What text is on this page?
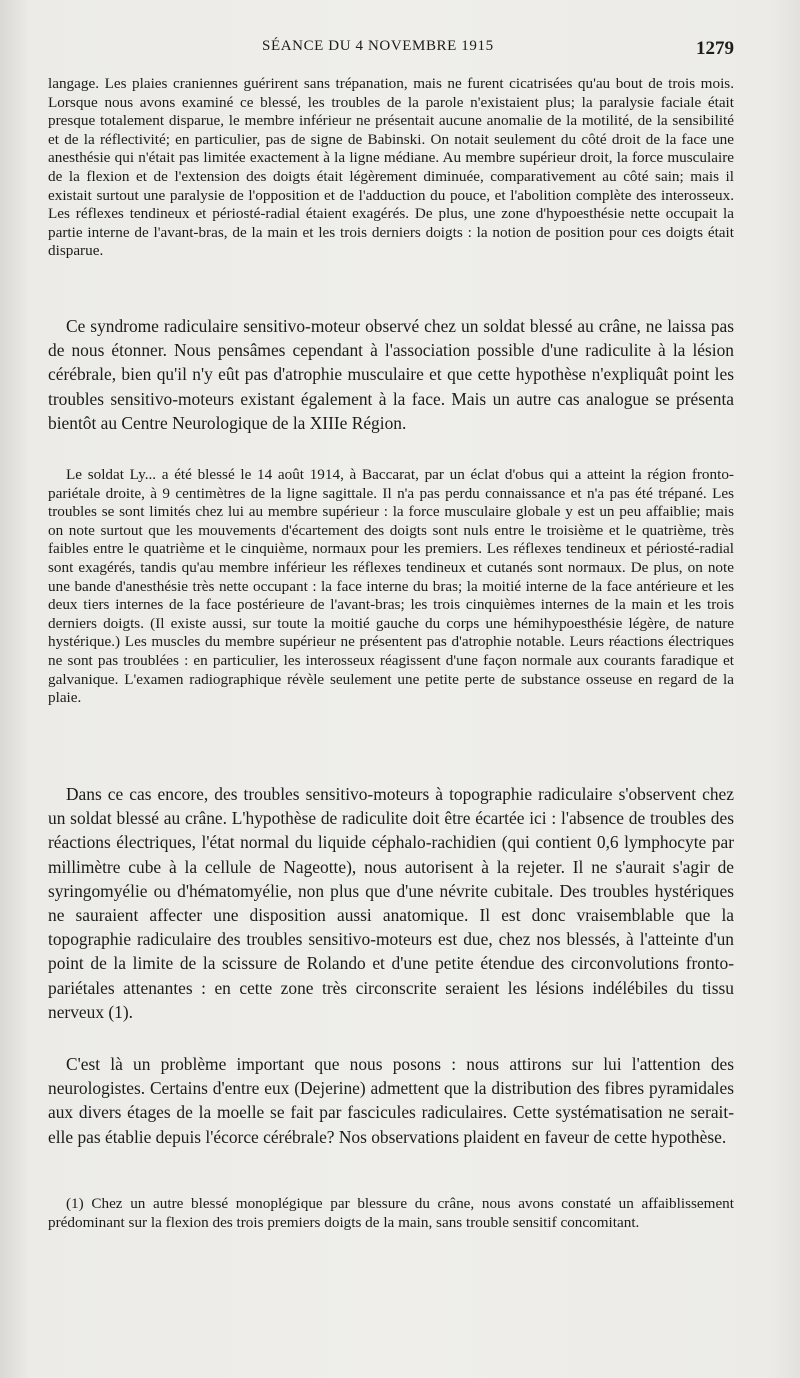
SÉANCE DU 4 NOVEMBRE 1915	1279

langage. Les plaies craniennes guérirent sans trépanation, mais ne furent cicatrisées qu'au bout de trois mois. Lorsque nous avons examiné ce blessé, les troubles de la parole n'existaient plus; la paralysie faciale était presque totalement disparue, le membre inférieur ne présentait aucune anomalie de la motilité, de la sensibilité et de la réflectivité; en particulier, pas de signe de Babinski. On notait seulement du côté droit de la face une anesthésie qui n'était pas limitée exactement à la ligne médiane. Au membre supérieur droit, la force musculaire de la flexion et de l'extension des doigts était légèrement diminuée, comparativement au côté sain; mais il existait surtout une paralysie de l'opposition et de l'adduction du pouce, et l'abolition complète des interosseux. Les réflexes tendineux et périosté-radial étaient exagérés. De plus, une zone d'hypoesthésie nette occupait la partie interne de l'avant-bras, de la main et les trois derniers doigts : la notion de position pour ces doigts était disparue.

Ce syndrome radiculaire sensitivo-moteur observé chez un soldat blessé au crâne, ne laissa pas de nous étonner. Nous pensâmes cependant à l'association possible d'une radiculite à la lésion cérébrale, bien qu'il n'y eût pas d'atrophie musculaire et que cette hypothèse n'expliquât point les troubles sensitivo-moteurs existant également à la face. Mais un autre cas analogue se présenta bientôt au Centre Neurologique de la XIIIe Région.

Le soldat Ly... a été blessé le 14 août 1914, à Baccarat, par un éclat d'obus qui a atteint la région fronto-pariétale droite, à 9 centimètres de la ligne sagittale. Il n'a pas perdu connaissance et n'a pas été trépané. Les troubles se sont limités chez lui au membre supérieur : la force musculaire globale y est un peu affaiblie; mais on note surtout que les mouvements d'écartement des doigts sont nuls entre le troisième et le quatrième, très faibles entre le quatrième et le cinquième, normaux pour les premiers. Les réflexes tendineux et périosté-radial sont exagérés, tandis qu'au membre inférieur les réflexes tendineux et cutanés sont normaux. De plus, on note une bande d'anesthésie très nette occupant : la face interne du bras; la moitié interne de la face antérieure et les deux tiers internes de la face postérieure de l'avant-bras; les trois cinquièmes internes de la main et les trois derniers doigts. (Il existe aussi, sur toute la moitié gauche du corps une hémihypoesthésie légère, de nature hystérique.) Les muscles du membre supérieur ne présentent pas d'atrophie notable. Leurs réactions électriques ne sont pas troublées : en particulier, les interosseux réagissent d'une façon normale aux courants faradique et galvanique. L'examen radiographique révèle seulement une petite perte de substance osseuse en regard de la plaie.

Dans ce cas encore, des troubles sensitivo-moteurs à topographie radiculaire s'observent chez un soldat blessé au crâne. L'hypothèse de radiculite doit être écartée ici : l'absence de troubles des réactions électriques, l'état normal du liquide céphalo-rachidien (qui contient 0,6 lymphocyte par millimètre cube à la cellule de Nageotte), nous autorisent à la rejeter. Il ne s'aurait s'agir de syringomyélie ou d'hématomyélie, non plus que d'une névrite cubitale. Des troubles hystériques ne sauraient affecter une disposition aussi anatomique. Il est donc vraisemblable que la topographie radiculaire des troubles sensitivo-moteurs est due, chez nos blessés, à l'atteinte d'un point de la limite de la scissure de Rolando et d'une petite étendue des circonvolutions fronto-pariétales attenantes : en cette zone très circonscrite seraient les lésions indélébiles du tissu nerveux (1).

C'est là un problème important que nous posons : nous attirons sur lui l'attention des neurologistes. Certains d'entre eux (Dejerine) admettent que la distribution des fibres pyramidales aux divers étages de la moelle se fait par fascicules radiculaires. Cette systématisation ne serait-elle pas établie depuis l'écorce cérébrale? Nos observations plaident en faveur de cette hypothèse.

(1) Chez un autre blessé monoplégique par blessure du crâne, nous avons constaté un affaiblissement prédominant sur la flexion des trois premiers doigts de la main, sans trouble sensitif concomitant.
